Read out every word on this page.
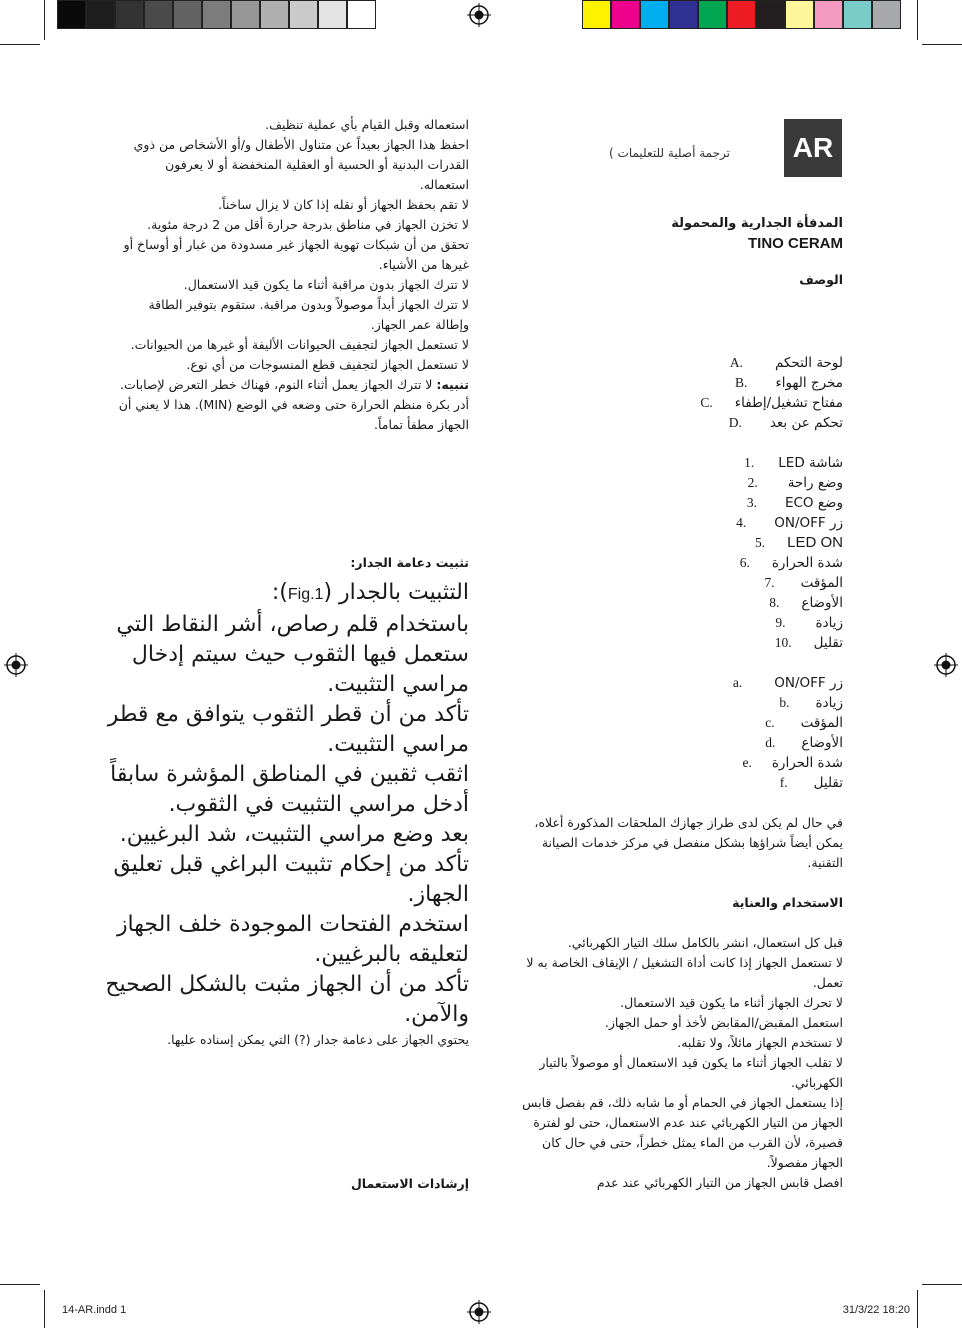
AR
ترجمة أصلية للتعليمات )

المدفأة الجدارية والمحمولة

TINO CERAM

الوصف
لوحة التحكم
A.
مخرج الهواء
B.
مفتاح تشغيل/إطفاء
C.
تحكم عن بعد
D.
شاشة LED
1.
وضع راحة
2.
وضع ECO
3.
زر ON/OFF
4.
LED ON
5.
شدة الحرارة
6.
المؤقت
7.
الأوضاع
8.
زيادة
9.
تقليل
10.
زر ON/OFF
a.
زيادة
b.
المؤقت
c.
الأوضاع
d.
شدة الحرارة
e.
تقليل
f.

في حال لم يكن لدى طراز جهازك الملحقات المذكورة أعلاه، يمكن أيضاً شراؤها بشكل منفصل في مركز خدمات الصيانة التقنية.

الاستخدام والعناية

قبل كل استعمال، انشر بالكامل سلك التيار الكهربائي.

لا تستعمل الجهاز إذا كانت أداة التشغيل / الإيقاف الخاصة به لا تعمل.

لا تحرك الجهاز أثناء ما يكون قيد الاستعمال.

استعمل المقبض/المقابض لأخذ أو حمل الجهاز.

لا تستخدم الجهاز مائلاً، ولا تقلبه.

لا تقلب الجهاز أثناء ما يكون قيد الاستعمال أو موصولاً بالتيار الكهربائي.

إذا يستعمل الجهاز في الحمام أو ما شابه ذلك، قم بفصل قابس الجهاز من التيار الكهربائي عند عدم الاستعمال، حتى لو لفترة قصيرة، لأن القرب من الماء يمثل خطراً، حتى في حال كان الجهاز مفصولاً.

افصل قابس الجهاز من التيار الكهربائي عند عدم

استعماله وقبل القيام بأي عملية تنظيف.

احفظ هذا الجهاز بعيداً عن متناول الأطفال و/أو الأشخاص من ذوي القدرات البدنية أو الحسية أو العقلية المنخفضة أو لا يعرفون استعماله.

لا تقم بحفظ الجهاز أو نقله إذا كان لا يزال ساخناً.

لا تخزن الجهاز في مناطق بدرجة حرارة أقل من 2 درجة مئوية.

تحقق من أن شبكات تهوية الجهاز غير مسدودة من غبار أو أوساخ أو غيرها من الأشياء.

لا تترك الجهاز بدون مراقبة أثناء ما يكون قيد الاستعمال.

لا تترك الجهاز أبداً موصولاً وبدون مراقبة. ستقوم بتوفير الطاقة وإطالة عمر الجهاز.

لا تستعمل الجهاز لتجفيف الحيوانات الأليفة أو غيرها من الحيوانات.

لا تستعمل الجهاز لتجفيف قطع المنسوجات من أي نوع.

تنبيه: لا تترك الجهاز يعمل أثناء النوم، فهناك خطر التعرض لإصابات.

أدر بكرة منظم الحرارة حتى وضعه في الوضع (MIN). هذا لا يعني أن الجهاز مطفأ تماماً.

تثبيت دعامة الجدار:

التثبيت بالجدار (Fig.1):

باستخدام قلم رصاص، أشر النقاط التي ستعمل فيها الثقوب حيث سيتم إدخال مراسي التثبيت.

تأكد من أن قطر الثقوب يتوافق مع قطر مراسي التثبيت.

اثقب ثقبين في المناطق المؤشرة سابقاً

أدخل مراسي التثبيت في الثقوب.

بعد وضع مراسي التثبيت، شد البرغيين.

تأكد من إحكام تثبيت البراغي قبل تعليق الجهاز.

استخدم الفتحات الموجودة خلف الجهاز لتعليقه بالبرغيين.

تأكد من أن الجهاز مثبت بالشكل الصحيح والآمن.

يحتوي الجهاز على دعامة جدار (?) التي يمكن إسناده عليها.

إرشادات الاستعمال
14-AR.indd 1	31/3/22 18:20
